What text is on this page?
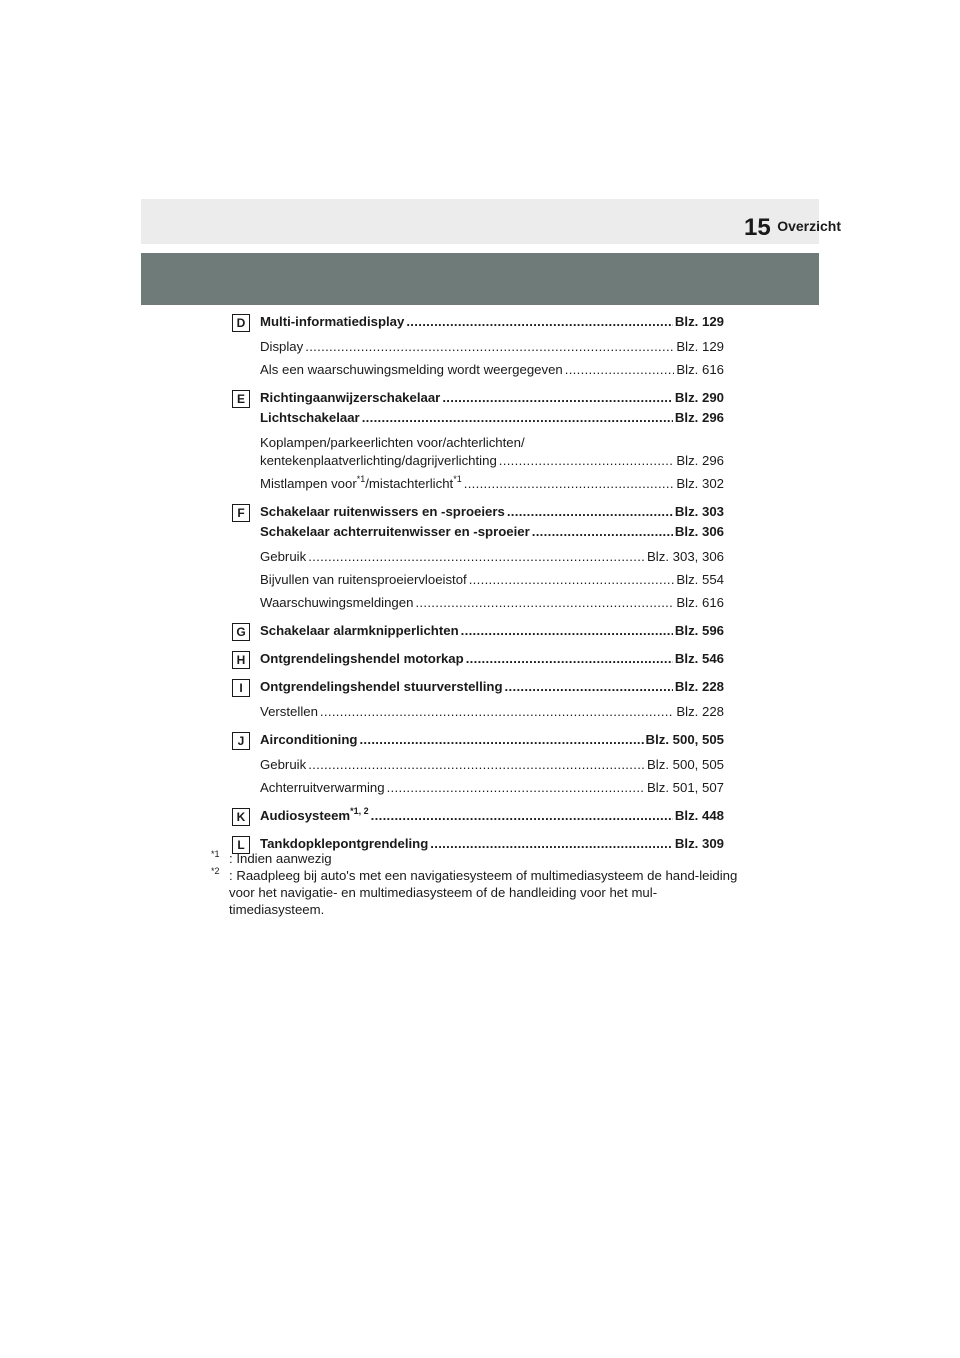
Overzicht
15
D	Multi-informatiedisplay .....	Blz. 129
Display .....	Blz. 129
Als een waarschuwingsmelding wordt weergegeven .....	Blz. 616
E	Richtingaanwijzerschakelaar .....	Blz. 290
Lichtschakelaar .....	Blz. 296
Koplampen/parkeerlichten voor/achterlichten/
kentekenplaatverlichting/dagrijverlichting .....	Blz. 296
Mistlampen voor$^{*1}$/mistachterlicht$^{*1}$ .....	Blz. 302
F	Schakelaar ruitenwissers en -sproeiers .....	Blz. 303
Schakelaar achterruitenwisser en -sproeier .....	Blz. 306
Gebruik .....	Blz. 303, 306
Bijvullen van ruitensproeiervloeistof .....	Blz. 554
Waarschuwingsmeldingen .....	Blz. 616
G	Schakelaar alarmknipperlichten .....	Blz. 596
H	Ontgrendelingshendel motorkap .....	Blz. 546
I	Ontgrendelingshendel stuurverstelling .....	Blz. 228
Verstellen .....	Blz. 228
J	Airconditioning .....	Blz. 500, 505
Gebruik .....	Blz. 500, 505
Achterruitverwarming .....	Blz. 501, 507
K	Audiosysteem$^{*1, 2}$ .....	Blz. 448
L	Tankdopklepontgrendeling .....	Blz. 309
$^{*1}$ : Indien aanwezig
$^{*2}$ : Raadpleeg bij auto's met een navigatiesysteem of multimediasysteem de hand-leiding voor het navigatie- en multimediasysteem of de handleiding voor het mul-timediasysteem.
